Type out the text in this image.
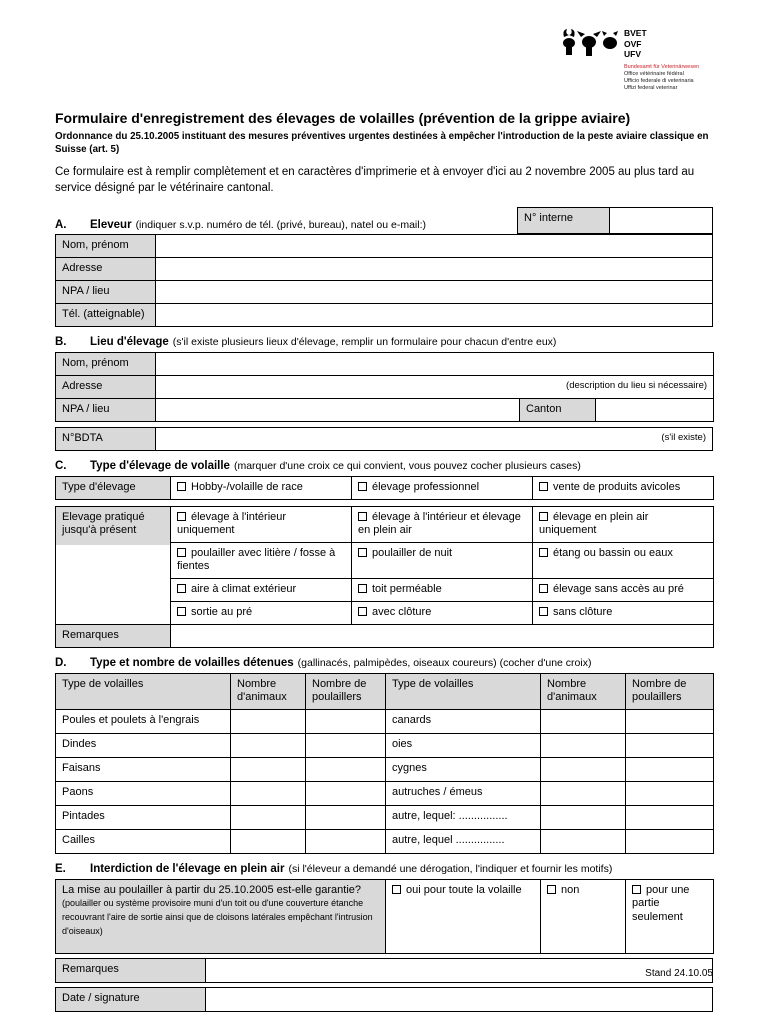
BVET
OVF
UFV
Bundesamt für Veterinärwesen
Office vétérinaire fédéral
Ufficio federale di veterinaria
Uffizi federal veterinar
Formulaire d'enregistrement des élevages de volailles (prévention de la grippe aviaire)
Ordonnance du 25.10.2005 instituant des mesures préventives urgentes destinées à empêcher l'introduction de la peste aviaire classique en Suisse (art. 5)
Ce formulaire est à remplir complètement et en caractères d'imprimerie et à envoyer d'ici au 2 novembre 2005 au plus tard au service désigné par le vétérinaire cantonal.
A. Eleveur (indiquer s.v.p. numéro de tél. (privé, bureau), natel ou e-mail:)
N° interne	
Nom, prénom	
Adresse	
NPA / lieu	
Tél. (atteignable)	
B. Lieu d'élevage (s'il existe plusieurs lieux d'élevage, remplir un formulaire pour chacun d'entre eux)
Nom, prénom			
Adresse	(description du lieu si nécessaire)		

NPA / lieu		Canton	
N°BDTA	(s'il existe)
C. Type d'élevage de volaille (marquer d'une croix ce qui convient, vous pouvez cocher plusieurs cases)
Type d'élevage	Hobby-/volaille de race	élevage professionnel	vente de produits avicoles
Elevage pratiqué jusqu'à présent	élevage à l'intérieur uniquement	élevage à l'intérieur et élevage en plein air	élevage en plein air uniquement
	poulailler avec litière / fosse à fientes	poulailler de nuit	étang ou bassin ou eaux
	aire à climat extérieur	toit perméable	élevage sans accès au pré
	sortie au pré	avec clôture	sans clôture
Remarques			
D. Type et nombre de volailles détenues (gallinacés, palmipèdes, oiseaux coureurs) (cocher d'une croix)
Type de volailles	Nombre d'animaux	Nombre de poulaillers	Type de volailles	Nombre d'animaux	Nombre de poulaillers
Poules et poulets à l'engrais			canards		
Dindes			oies		
Faisans			cygnes		
Paons			autruches / émeus		
Pintades			autre, lequel: ................		
Cailles			autre, lequel ................		
E. Interdiction de l'élevage en plein air (si l'éleveur a demandé une dérogation, l'indiquer et fournir les motifs)
La mise au poulailler à partir du 25.10.2005 est-elle garantie? (poulailler ou système provisoire muni d'un toit ou d'une couverture étanche recouvrant l'aire de sortie ainsi que de cloisons latérales empêchant l'intrusion d'oiseaux)	oui pour toute la volaille	non	pour une partie seulement
Remarques	
Date / signature	
Stand 24.10.05
